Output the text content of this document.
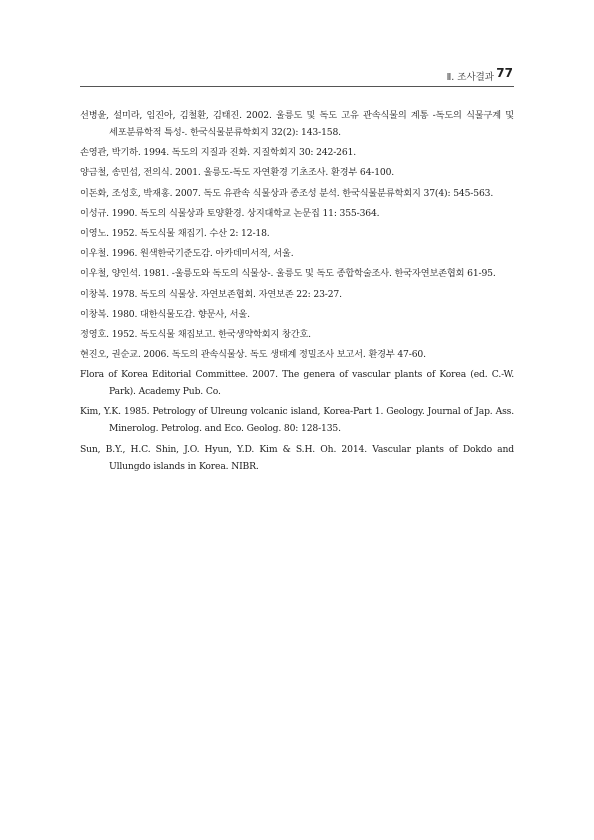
Ⅱ. 조사결과 77
선병윤, 설미라, 임진아, 김철환, 김태진. 2002. 울릉도 및 독도 고유 관속식물의 계통 -독도의 식물구계 및 세포분류학적 특성-. 한국식물분류학회지 32(2): 143-158.
손영관, 박기하. 1994. 독도의 지질과 진화. 지질학회지 30: 242-261.
양금철, 송민섭, 전의식. 2001. 울릉도-독도 자연환경 기초조사. 환경부 64-100.
이돈화, 조성호, 박재홍. 2007. 독도 유관속 식물상과 종조성 분석. 한국식물분류학회지 37(4): 545-563.
이성규. 1990. 독도의 식물상과 토양환경. 상지대학교 논문집 11: 355-364.
이영노. 1952. 독도식물 채집기. 수산 2: 12-18.
이우철. 1996. 원색한국기준도감. 아카데미서적, 서울.
이우철, 양인석. 1981. -울릉도와 독도의 식물상-. 울릉도 및 독도 종합학술조사. 한국자연보존협회 61-95.
이창복. 1978. 독도의 식물상. 자연보존협회. 자연보존 22: 23-27.
이창복. 1980. 대한식물도감. 향문사, 서울.
정영호. 1952. 독도식물 채집보고. 한국생약학회지 창간호.
현진오, 권순교. 2006. 독도의 관속식물상. 독도 생태계 정밀조사 보고서. 환경부 47-60.
Flora of Korea Editorial Committee. 2007. The genera of vascular plants of Korea (ed. C.-W. Park). Academy Pub. Co.
Kim, Y.K. 1985. Petrology of Ulreung volcanic island, Korea-Part 1. Geology. Journal of Jap. Ass. Minerolog. Petrolog. and Eco. Geolog. 80: 128-135.
Sun, B.Y., H.C. Shin, J.O. Hyun, Y.D. Kim & S.H. Oh. 2014. Vascular plants of Dokdo and Ullungdo islands in Korea. NIBR.
